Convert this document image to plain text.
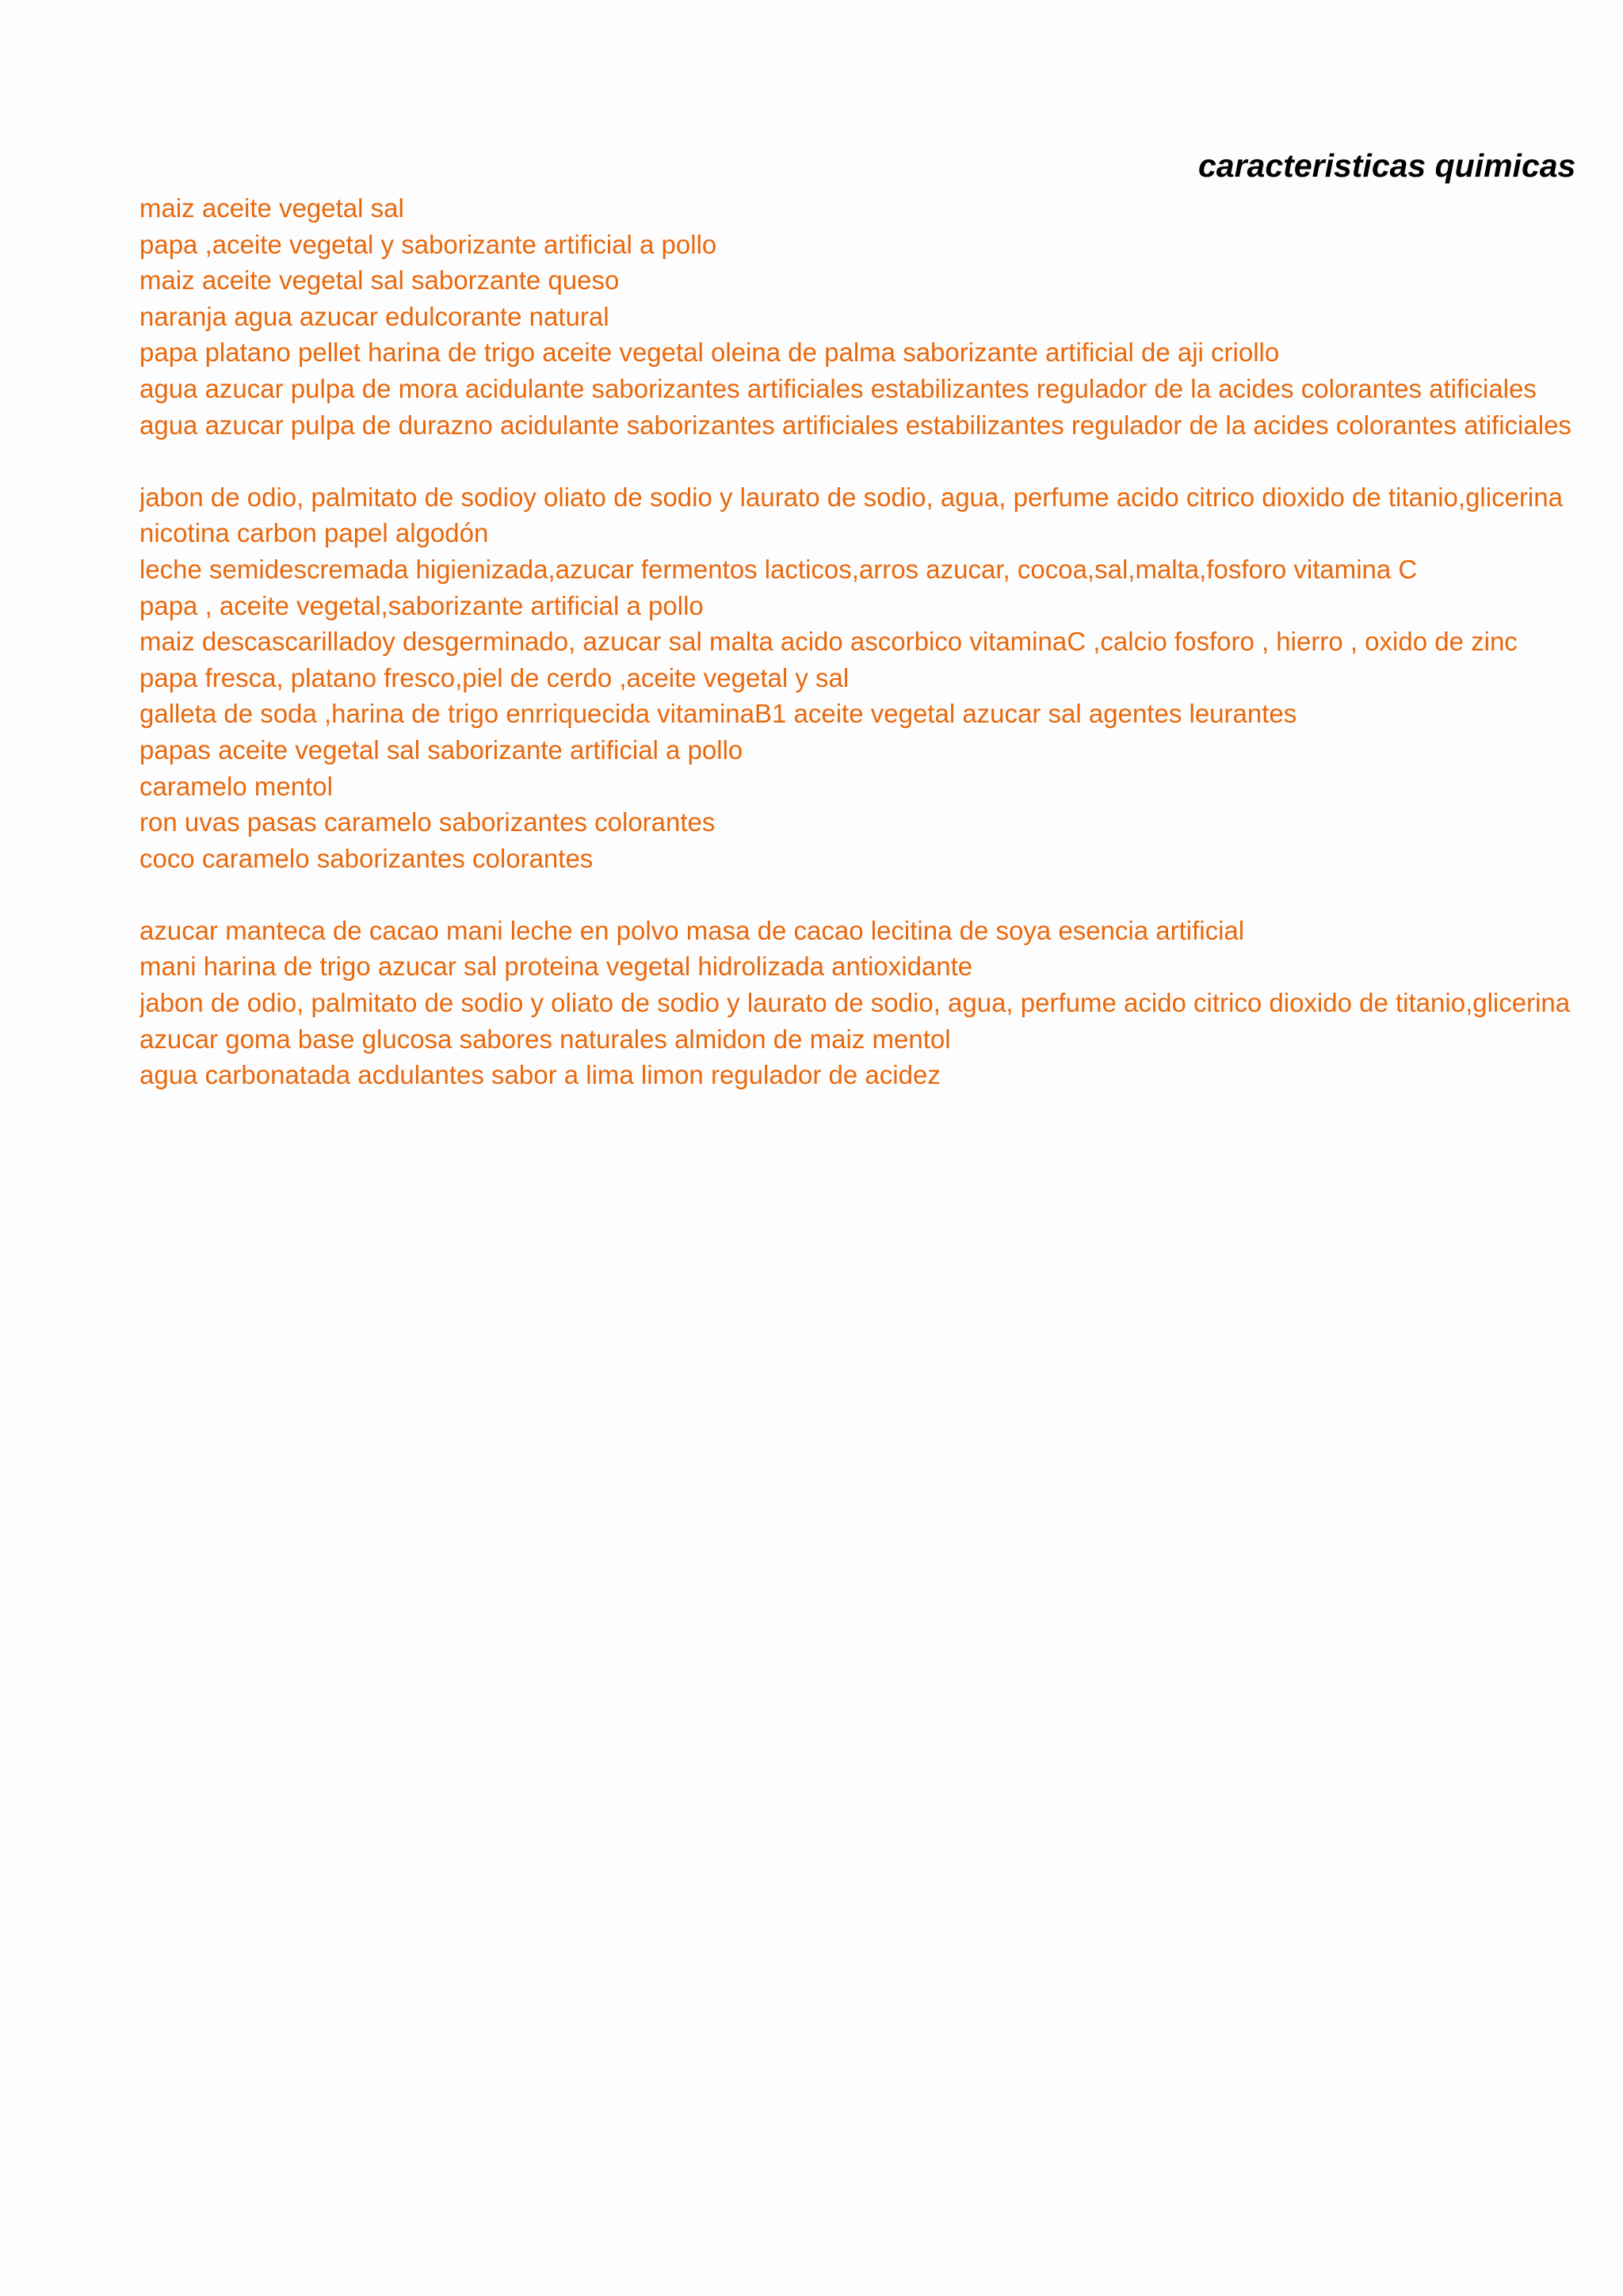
caracteristicas quimicas
maiz aceite vegetal sal
papa ,aceite vegetal y saborizante artificial a pollo
maiz aceite vegetal sal saborzante queso
naranja agua azucar edulcorante natural
papa platano pellet harina de trigo aceite vegetal oleina de palma saborizante artificial de aji criollo
agua azucar pulpa de mora acidulante saborizantes artificiales estabilizantes regulador de la acides colorantes atificiales
agua azucar pulpa de durazno acidulante saborizantes artificiales estabilizantes regulador de la acides colorantes atificiales
jabon de odio, palmitato de sodioy oliato de sodio y laurato de sodio, agua, perfume acido citrico dioxido de titanio,glicerina
nicotina carbon papel algodón
leche semidescremada higienizada,azucar fermentos lacticos,arros azucar, cocoa,sal,malta,fosforo vitamina C
papa , aceite vegetal,saborizante artificial a pollo
maiz descascarilladoy desgerminado, azucar sal malta acido ascorbico vitaminaC ,calcio fosforo , hierro , oxido de zinc
papa fresca, platano fresco,piel de cerdo ,aceite vegetal y sal
galleta de soda ,harina de trigo enrriquecida vitaminaB1 aceite vegetal azucar sal agentes leurantes
papas aceite vegetal sal saborizante artificial a pollo
caramelo mentol
ron uvas pasas caramelo saborizantes colorantes
coco caramelo saborizantes colorantes
azucar manteca de cacao mani leche en polvo masa de cacao lecitina de soya esencia artificial
mani harina de trigo azucar sal proteina vegetal hidrolizada antioxidante
jabon de odio, palmitato de sodio y oliato de sodio y laurato de sodio, agua, perfume acido citrico dioxido de titanio,glicerina
azucar goma base glucosa sabores naturales almidon de maiz mentol
agua carbonatada acdulantes sabor a lima limon regulador de acidez
